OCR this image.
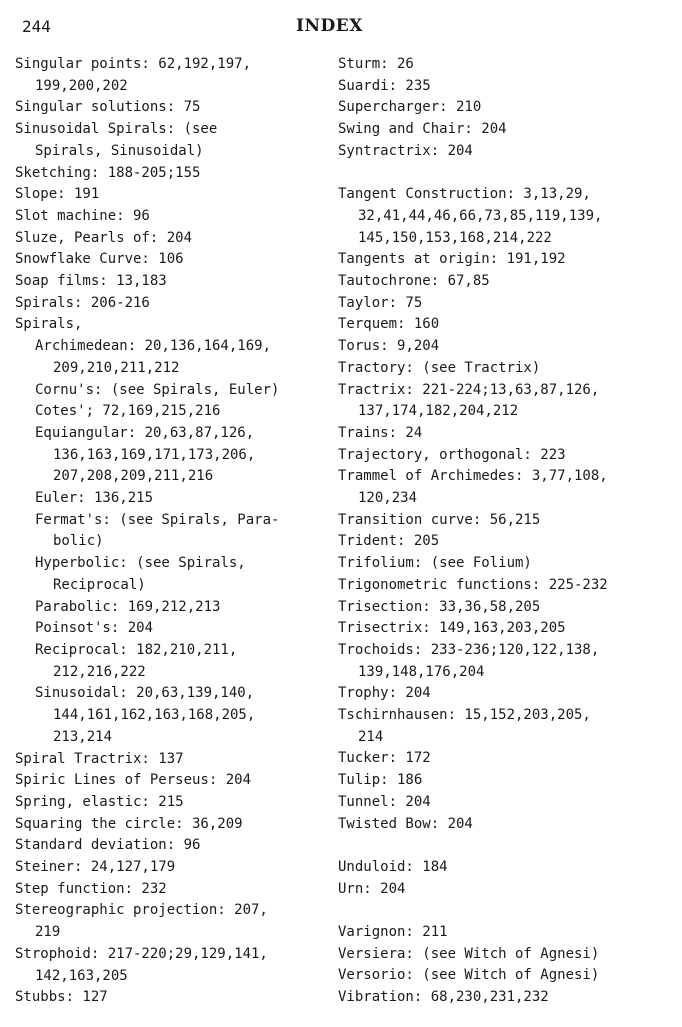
244	INDEX
Singular points: 62,192,197,
199,200,202
Singular solutions: 75
Sinusoidal Spirals: (see
Spirals, Sinusoidal)
Sketching: 188-205;155
Slope: 191
Slot machine: 96
Sluze, Pearls of: 204
Snowflake Curve: 106
Soap films: 13,183
Spirals: 206-216
Spirals,
Archimedean: 20,136,164,169,
209,210,211,212
Cornu's: (see Spirals, Euler)
Cotes'; 72,169,215,216
Equiangular: 20,63,87,126,
136,163,169,171,173,206,
207,208,209,211,216
Euler: 136,215
Fermat's: (see Spirals, Para-
bolic)
Hyperbolic: (see Spirals,
Reciprocal)
Parabolic: 169,212,213
Poinsot's: 204
Reciprocal: 182,210,211,
212,216,222
Sinusoidal: 20,63,139,140,
144,161,162,163,168,205,
213,214
Spiral Tractrix: 137
Spiric Lines of Perseus: 204
Spring, elastic: 215
Squaring the circle: 36,209
Standard deviation: 96
Steiner: 24,127,179
Step function: 232
Stereographic projection: 207,
219
Strophoid: 217-220;29,129,141,
142,163,205
Stubbs: 127
Sturm: 26
Suardi: 235
Supercharger: 210
Swing and Chair: 204
Syntractrix: 204
Tangent Construction: 3,13,29,
32,41,44,46,66,73,85,119,139,
145,150,153,168,214,222
Tangents at origin: 191,192
Tautochrone: 67,85
Taylor: 75
Terquem: 160
Torus: 9,204
Tractory: (see Tractrix)
Tractrix: 221-224;13,63,87,126,
137,174,182,204,212
Trains: 24
Trajectory, orthogonal: 223
Trammel of Archimedes: 3,77,108,
120,234
Transition curve: 56,215
Trident: 205
Trifolium: (see Folium)
Trigonometric functions: 225-232
Trisection: 33,36,58,205
Trisectrix: 149,163,203,205
Trochoids: 233-236;120,122,138,
139,148,176,204
Trophy: 204
Tschirnhausen: 15,152,203,205,
214
Tucker: 172
Tulip: 186
Tunnel: 204
Twisted Bow: 204
Unduloid: 184
Urn: 204
Varignon: 211
Versiera: (see Witch of Agnesi)
Versorio: (see Witch of Agnesi)
Vibration: 68,230,231,232
